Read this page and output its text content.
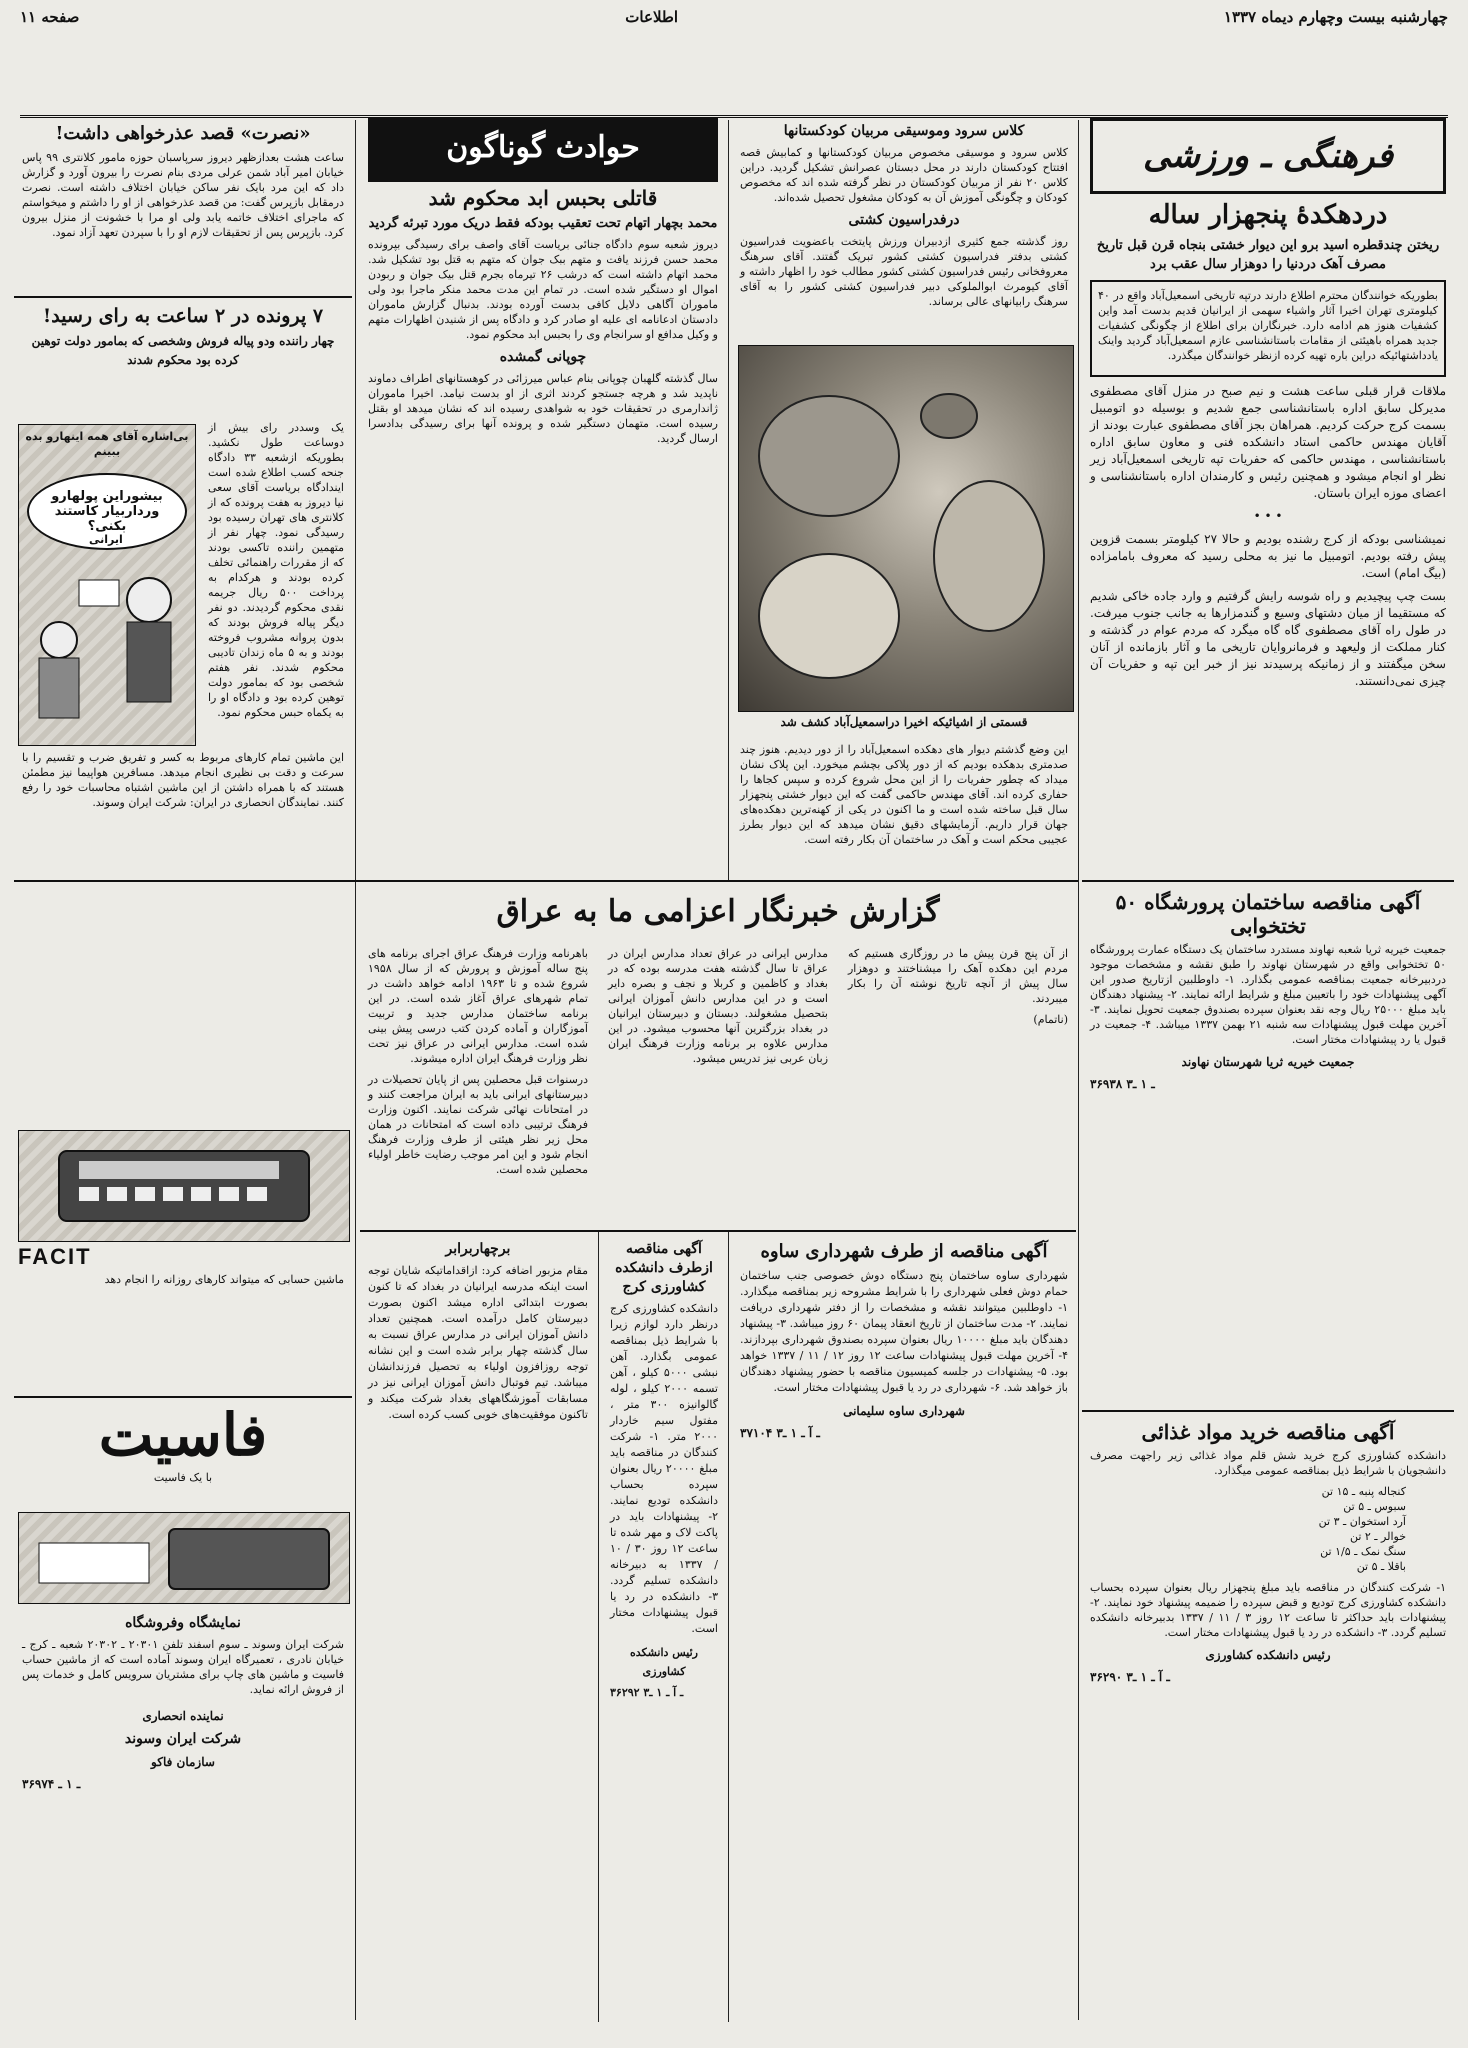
صفحه ۱۱	اطلاعات	چهارشنبه بیست وچهارم دیماه ۱۳۳۷
فرهنگی ـ ورزشی
دردهکدهٔ پنجهزار ساله
ریختن چندقطره اسید برو این دیوار خشتی بنجاه قرن قبل تاریخ مصرف آهک دردنیا را دوهزار سال عقب برد

بطوریکه خوانندگان محترم اطلاع دارند درتپه تاریخی اسمعیل‌آباد واقع در ۴۰ کیلومتری تهران اخیرا آثار واشیاء سهمی از ایرانیان قدیم بدست آمد واین کشفیات هنوز هم ادامه دارد. خبرنگاران برای اطلاع از چگونگی کشفیات جدید همراه باهیئتی از مقامات باستانشناسی عازم اسمعیل‌آباد گردید واینک یادداشتهائیکه دراین باره تهیه کرده ازنظر خوانندگان میگذرد.

ملاقات قرار قبلی ساعت هشت و نیم صبح در منزل آقای مصطفوی مدیرکل سابق اداره باستانشناسی جمع شدیم و بوسیله دو اتومبیل بسمت کرج حرکت کردیم. همراهان بجز آقای مصطفوی عبارت بودند از آقایان مهندس حاکمی استاد دانشکده فنی و معاون سابق اداره باستانشناسی ، مهندس حاکمی که حفریات تپه تاریخی اسمعیل‌آباد زیر نظر او انجام میشود و همچنین رئیس و کارمندان اداره باستانشناسی و اعضای موزه ایران باستان.

• • •

نمیشناسی بودکه از کرج رشنده بودیم و حالا ۲۷ کیلومتر بسمت قزوین پیش رفته بودیم. اتومبیل ما نیز به محلی رسید که معروف بامامزاده (بیگ امام) است.

بست چپ پیچیدیم و راه شوسه رایش گرفتیم و وارد جاده خاکی شدیم که مستقیما از میان دشتهای وسیع و گندمزارها به جانب جنوب میرفت. در طول راه آقای مصطفوی گاه گاه میگرد که مردم عوام در گذشته و کنار مملکت از ولیعهد و فرمانروایان تاریخی ما و آثار بازمانده از آنان سخن میگفتند و از زمانیکه پرسیدند نیز از خبر این تپه و حفریات آن چیزی نمی‌دانستند.

آگهی مناقصه ساختمان پرورشگاه ۵۰ تختخوابی

جمعیت خیریه ثریا شعبه نهاوند مستدرد ساختمان یک دستگاه عمارت پرورشگاه ۵۰ تختخوابی واقع در شهرستان نهاوند را طبق نقشه و مشخصات موجود دردبیرخانه جمعیت بمناقصه عمومی بگذارد. ۱- داوطلبین ازتاریخ صدور این آگهی پیشنهادات خود را باتعیین مبلغ و شرایط ارائه نمایند. ۲- پیشنهاد دهندگان باید مبلغ ۲۵۰۰۰ ریال وجه نقد بعنوان سپرده بصندوق جمعیت تحویل نمایند. ۳- آخرین مهلت قبول پیشنهادات سه شنبه ۲۱ بهمن ۱۳۳۷ میباشد. ۴- جمعیت در قبول یا رد پیشنهادات مختار است.

جمعیت خیریه ثریا شهرستان نهاوند

۳۶۹۳۸ ـ ۱ ـ۳

آگهی مناقصه خرید مواد غذائی

دانشکده کشاورزی کرج خرید شش قلم مواد غذائی زیر راجهت مصرف دانشجویان با شرایط ذیل بمناقصه عمومی میگذارد.

کنجاله پنبه ـ ۱۵ تن
سبوس ـ ۵ تن
آرد استخوان ـ ۳ تن
خوالر ـ ۲ تن
سنگ نمک ـ ۱/۵ تن
باقلا ـ ۵ تن

۱- شرکت کنندگان در مناقصه باید مبلغ پنجهزار ریال بعنوان سپرده بحساب دانشکده کشاورزی کرج تودیع و قبض سپرده را ضمیمه پیشنهاد خود نمایند. ۲- پیشنهادات باید حداکثر تا ساعت ۱۲ روز ۳ / ۱۱ / ۱۳۳۷ بدبیرخانه دانشکده تسلیم گردد. ۳- دانشکده در رد یا قبول پیشنهادات مختار است.

رئیس دانشکده کشاورزی

۳۶۲۹۰ ـ آ ـ ۱ ـ۳

کلاس سرود وموسیقی مربیان کودکستانها

کلاس سرود و موسیقی مخصوص مربیان کودکستانها و کمابیش قصه افتتاح کودکستان دارند در محل دبستان عصرانش تشکیل گردید. دراین کلاس ۲۰ نفر از مربیان کودکستان در نظر گرفته شده اند که مخصوص کودکان و چگونگی آموزش آن به کودکان مشغول تحصیل شده‌اند.

درفدراسیون کشتی

روز گذشته جمع کثیری ازدبیران ورزش پایتخت باعضویت فدراسیون کشتی بدفتر فدراسیون کشتی کشور تبریک گفتند. آقای سرهنگ معروفخانی رئیس فدراسیون کشتی کشور مطالب خود را اظهار داشته و آقای کیومرث ابوالملوکی دبیر فدراسیون کشتی کشور را به آقای سرهنگ رابیانهای عالی برساند.

قسمتی از اشیائیکه اخیرا دراسمعیل‌آباد کشف شد

این وضع گذشتم دیوار های دهکده اسمعیل‌آباد را از دور دیدیم. هنوز چند صدمتری بدهکده بودیم که از دور پلاکی بچشم میخورد. این پلاک نشان میداد که چطور حفریات را از این محل شروع کرده و سپس کجاها را حفاری کرده اند. آقای مهندس حاکمی گفت که این دیوار خشتی پنجهزار سال قبل ساخته شده است و ما اکنون در یکی از کهنه‌ترین دهکده‌های جهان قرار داریم. آزمایشهای دقیق نشان میدهد که این دیوار بطرز عجیبی محکم است و آهک در ساختمان آن بکار رفته است.

حوادث گوناگون
قاتلی بحبس ابد محکوم شد
محمد بچهار اتهام تحت تعقیب بودکه فقط دریک مورد تبرئه گردید

دیروز شعبه سوم دادگاه جنائی برياست آقای واصف برای رسیدگی بپرونده محمد حسن فرزند یافت و متهم ببک جوان که متهم به قتل بود تشکیل شد. محمد اتهام داشته است که درشب ۲۶ تیرماه بجرم قتل بیک جوان و ربودن اموال او دستگیر شده است. در تمام این مدت محمد منکر ماجرا بود ولی ماموران آگاهی دلایل کافی بدست آورده بودند. بدنبال گزارش ماموران دادستان ادعانامه ای علیه او صادر کرد و دادگاه پس از شنیدن اظهارات متهم و وکیل مدافع او سرانجام وی را بحبس ابد محکوم نمود.

چوپانی گمشده

سال گذشته گلهبان چوپانی بنام عباس میرزائی در کوهستانهای اطراف دماوند ناپدید شد و هرچه جستجو کردند اثری از او بدست نیامد. اخیرا ماموران ژاندارمری در تحقیقات خود به شواهدی رسیده اند که نشان میدهد او بقتل رسیده است. متهمان دستگیر شده و پرونده آنها برای رسیدگی بدادسرا ارسال گردید.

«نصرت» قصد عذرخواهی داشت!

ساعت هشت بعدازظهر دیروز سرپاسبان حوزه مامور کلانتری ۹۹ پاس خیابان امیر آباد شمن عرلی مردی بنام نصرت را بیرون آورد و گزارش داد که این مرد بایک نفر ساکن خیابان اختلاف داشته است. نصرت درمقابل بازپرس گفت: من قصد عذرخواهی از او را داشتم و میخواستم که ماجرای اختلاف خاتمه یابد ولی او مرا با خشونت از منزل بیرون کرد. بازپرس پس از تحقیقات لازم او را با سپردن تعهد آزاد نمود.

۷ پرونده در ۲ ساعت به رای رسید!
چهار راننده ودو پیاله فروش وشخصی که بمامور دولت توهین کرده بود محکوم شدند

یک وسددر رای بیش از دوساعت طول نکشید. بطوریکه ازشعبه ۳۳ دادگاه جنحه کسب اطلاع شده است ایندادگاه برياست آقای سعی نیا دیروز به هفت پرونده که از کلانتری های تهران رسیده بود رسیدگی نمود. چهار نفر از متهمین راننده تاکسی بودند که از مقررات راهنمائی تخلف کرده بودند و هرکدام به پرداخت ۵۰۰ ریال جریمه نقدی محکوم گردیدند. دو نفر دیگر پیاله فروش بودند که بدون پروانه مشروب فروخته بودند و به ۵ ماه زندان تادیبی محکوم شدند. نفر هفتم شخصی بود که بمامور دولت توهین کرده بود و دادگاه او را به یکماه حبس محکوم نمود.

بی‌اشاره آقای همه اینهارو بده ببینم
بیشوراین پولهارو ورداربیار کاستند بکنی؟
ایرانی

این ماشین تمام کارهای مربوط به کسر و تفریق ضرب و تقسیم را با سرعت و دقت بی نظیری انجام میدهد. مسافرین هواپیما نیز مطمئن هستند که با همراه داشتن از این ماشین اشتباه محاسبات خود را رفع کنند. نمایندگان انحصاری در ایران: شرکت ایران وسوند.

گزارش خبرنگار اعزامی ما به عراق

از آن پنج قرن پیش ما در روزگاری هستیم که مردم این دهکده آهک را میشناختند و دوهزار سال پیش از آنچه تاریخ نوشته آن را بکار میبردند.

(ناتمام)

مدارس ایرانی در عراق تعداد مدارس ایران در عراق تا سال گذشته هفت مدرسه بوده که در بغداد و کاظمین و کربلا و نجف و بصره دایر است و در این مدارس دانش آموزان ایرانی بتحصیل مشغولند. دبستان و دبیرستان ایرانیان در بغداد بزرگترین آنها محسوب میشود. در این مدارس علاوه بر برنامه وزارت فرهنگ ایران زبان عربی نیز تدریس میشود.

باهرنامه وزارت فرهنگ عراق اجرای برنامه های پنج ساله آموزش و پرورش که از سال ۱۹۵۸ شروع شده و تا ۱۹۶۳ ادامه خواهد داشت در تمام شهرهای عراق آغاز شده است. در این برنامه ساختمان مدارس جدید و تربیت آموزگاران و آماده کردن کتب درسی پیش بینی شده است. مدارس ایرانی در عراق نیز تحت نظر وزارت فرهنگ ایران اداره میشوند.

درسنوات قبل محصلین پس از پایان تحصیلات در دبیرستانهای ایرانی باید به ایران مراجعت کنند و در امتحانات نهائی شرکت نمایند. اکنون وزارت فرهنگ ترتیبی داده است که امتحانات در همان محل زیر نظر هیئتی از طرف وزارت فرهنگ انجام شود و این امر موجب رضایت خاطر اولیاء محصلین شده است.

FACIT

ماشین حسابی که میتواند کارهای روزانه را انجام دهد

فاسیت
با یک فاسیت
نمایشگاه وفروشگاه

شرکت ایران وسوند ـ سوم اسفند تلفن ۲۰۳۰۱ ـ ۲۰۳۰۲ شعبه ـ کرج ـ خیابان نادری ، تعمیرگاه ایران وسوند آماده است که از ماشین حساب فاسیت و ماشین های چاپ برای مشتریان سرویس کامل و خدمات پس از فروش ارائه نماید.

نماینده انحصاری

شرکت ایران وسوند

سازمان فاکو

۳۶۹۷۴ ـ ۱ ـ

برچهاربرابر

مقام مزبور اضافه کرد: ازاقداماتیکه شایان توجه است اینکه مدرسه ایرانیان در بغداد که تا کنون بصورت ابتدائی اداره میشد اکنون بصورت دبیرستان کامل درآمده است. همچنین تعداد دانش آموزان ایرانی در مدارس عراق نسبت به سال گذشته چهار برابر شده است و این نشانه توجه روزافزون اولیاء به تحصیل فرزندانشان میباشد. تیم فوتبال دانش آموزان ایرانی نیز در مسابقات آموزشگاههای بغداد شرکت میکند و تاکنون موفقیت‌های خوبی کسب کرده است.

آگهی مناقصه ازطرف دانشکده کشاورزی کرج

دانشکده کشاورزی کرج درنظر دارد لوازم زیرا با شرایط ذیل بمناقصه عمومی بگذارد. آهن نبشی ۵۰۰۰ کیلو ، آهن تسمه ۲۰۰۰ کیلو ، لوله گالوانیزه ۳۰۰ متر ، مفتول سیم خاردار ۲۰۰۰ متر. ۱- شرکت کنندگان در مناقصه باید مبلغ ۲۰۰۰۰ ریال بعنوان سپرده بحساب دانشکده تودیع نمایند. ۲- پیشنهادات باید در پاکت لاک و مهر شده تا ساعت ۱۲ روز ۳۰ / ۱۰ / ۱۳۳۷ به دبیرخانه دانشکده تسلیم گردد. ۳- دانشکده در رد یا قبول پیشنهادات مختار است.

رئیس دانشکده کشاورزی

۳۶۲۹۲ ـ آ ـ ۱ ـ۳

آگهی مناقصه از طرف شهرداری ساوه

شهرداری ساوه ساختمان پنج دستگاه دوش خصوصی جنب ساختمان حمام دوش فعلی شهرداری را با شرایط مشروحه زیر بمناقصه میگذارد. ۱- داوطلبین میتوانند نقشه و مشخصات را از دفتر شهرداری دریافت نمایند. ۲- مدت ساختمان از تاریخ انعقاد پیمان ۶۰ روز میباشد. ۳- پیشنهاد دهندگان باید مبلغ ۱۰۰۰۰ ریال بعنوان سپرده بصندوق شهرداری بپردازند. ۴- آخرین مهلت قبول پیشنهادات ساعت ۱۲ روز ۱۲ / ۱۱ / ۱۳۳۷ خواهد بود. ۵- پیشنهادات در جلسه کمیسیون مناقصه با حضور پیشنهاد دهندگان باز خواهد شد. ۶- شهرداری در رد یا قبول پیشنهادات مختار است.

شهرداری ساوه سلیمانی

۳۷۱۰۴ ـ آ ـ ۱ ـ۳
